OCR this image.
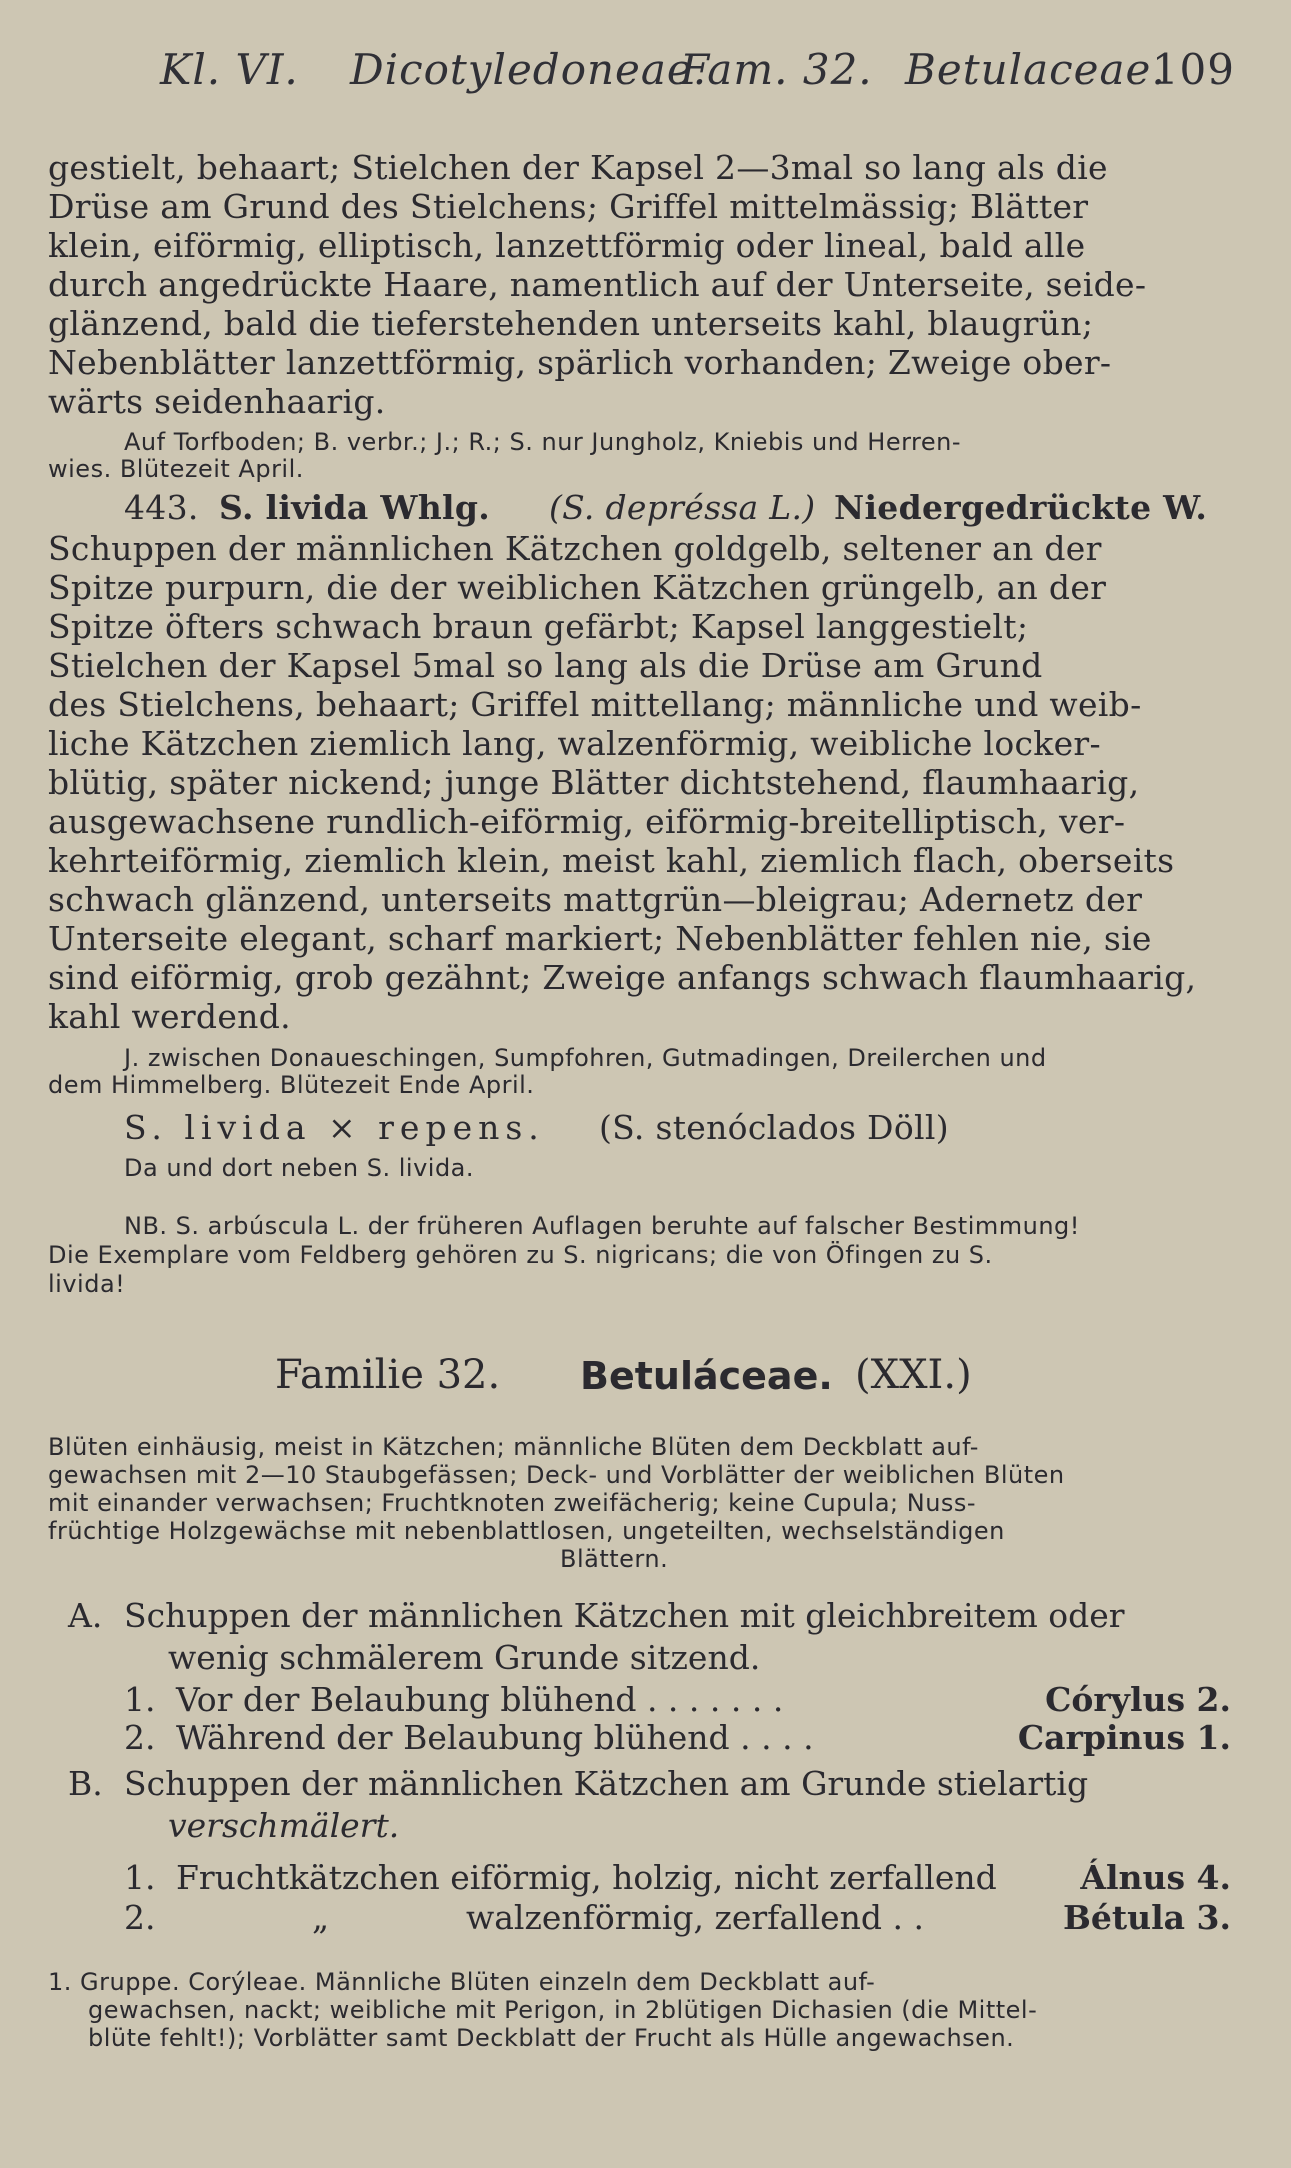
Kl. VI. Dicotyledoneae.
Fam. 32. Betulaceae.
109
gestielt, behaart; Stielchen der Kapsel 2—3mal so lang als die
Drüse am Grund des Stielchens; Griffel mittelmässig; Blätter
klein, eiförmig, elliptisch, lanzettförmig oder lineal, bald alle
durch angedrückte Haare, namentlich auf der Unterseite, seide-
glänzend, bald die tieferstehenden unterseits kahl, blaugrün;
Nebenblätter lanzettförmig, spärlich vorhanden; Zweige ober-
wärts seidenhaarig.
Auf Torfboden; B. verbr.; J.; R.; S. nur Jungholz, Kniebis und Herren-
wies. Blütezeit April.
443. S. livida Whlg. (S. depréssa L.) Niedergedrückte W.
Schuppen der männlichen Kätzchen goldgelb, seltener an der
Spitze purpurn, die der weiblichen Kätzchen grüngelb, an der
Spitze öfters schwach braun gefärbt; Kapsel langgestielt;
Stielchen der Kapsel 5mal so lang als die Drüse am Grund
des Stielchens, behaart; Griffel mittellang; männliche und weib-
liche Kätzchen ziemlich lang, walzenförmig, weibliche locker-
blütig, später nickend; junge Blätter dichtstehend, flaumhaarig,
ausgewachsene rundlich-eiförmig, eiförmig-breitelliptisch, ver-
kehrteiförmig, ziemlich klein, meist kahl, ziemlich flach, oberseits
schwach glänzend, unterseits mattgrün—bleigrau; Adernetz der
Unterseite elegant, scharf markiert; Nebenblätter fehlen nie, sie
sind eiförmig, grob gezähnt; Zweige anfangs schwach flaumhaarig,
kahl werdend.
J. zwischen Donaueschingen, Sumpfohren, Gutmadingen, Dreilerchen und
dem Himmelberg. Blütezeit Ende April.
S. livida × repens. (S. stenóclados Döll)
Da und dort neben S. livida.
NB. S. arbúscula L. der früheren Auflagen beruhte auf falscher Bestimmung!
Die Exemplare vom Feldberg gehören zu S. nigricans; die von Öfingen zu S.
livida!
Familie 32. Betuláceae. (XXI.)
Blüten einhäusig, meist in Kätzchen; männliche Blüten dem Deckblatt auf-
gewachsen mit 2—10 Staubgefässen; Deck- und Vorblätter der weiblichen Blüten
mit einander verwachsen; Fruchtknoten zweifächerig; keine Cupula; Nuss-
früchtige Holzgewächse mit nebenblattlosen, ungeteilten, wechselständigen
Blättern.
A. Schuppen der männlichen Kätzchen mit gleichbreitem oder
wenig schmälerem Grunde sitzend.
1. Vor der Belaubung blühend . . . . . . .	Córylus 2.
2. Während der Belaubung blühend . . . .	Carpinus 1.
B. Schuppen der männlichen Kätzchen am Grunde stielartig
verschmälert.
1. Fruchtkätzchen eiförmig, holzig, nicht zerfallend	Álnus 4.
2.	„	walzenförmig, zerfallend . .	Bétula 3.
1. Gruppe. Corýleae. Männliche Blüten einzeln dem Deckblatt auf-
gewachsen, nackt; weibliche mit Perigon, in 2blütigen Dichasien (die Mittel-
blüte fehlt!); Vorblätter samt Deckblatt der Frucht als Hülle angewachsen.
